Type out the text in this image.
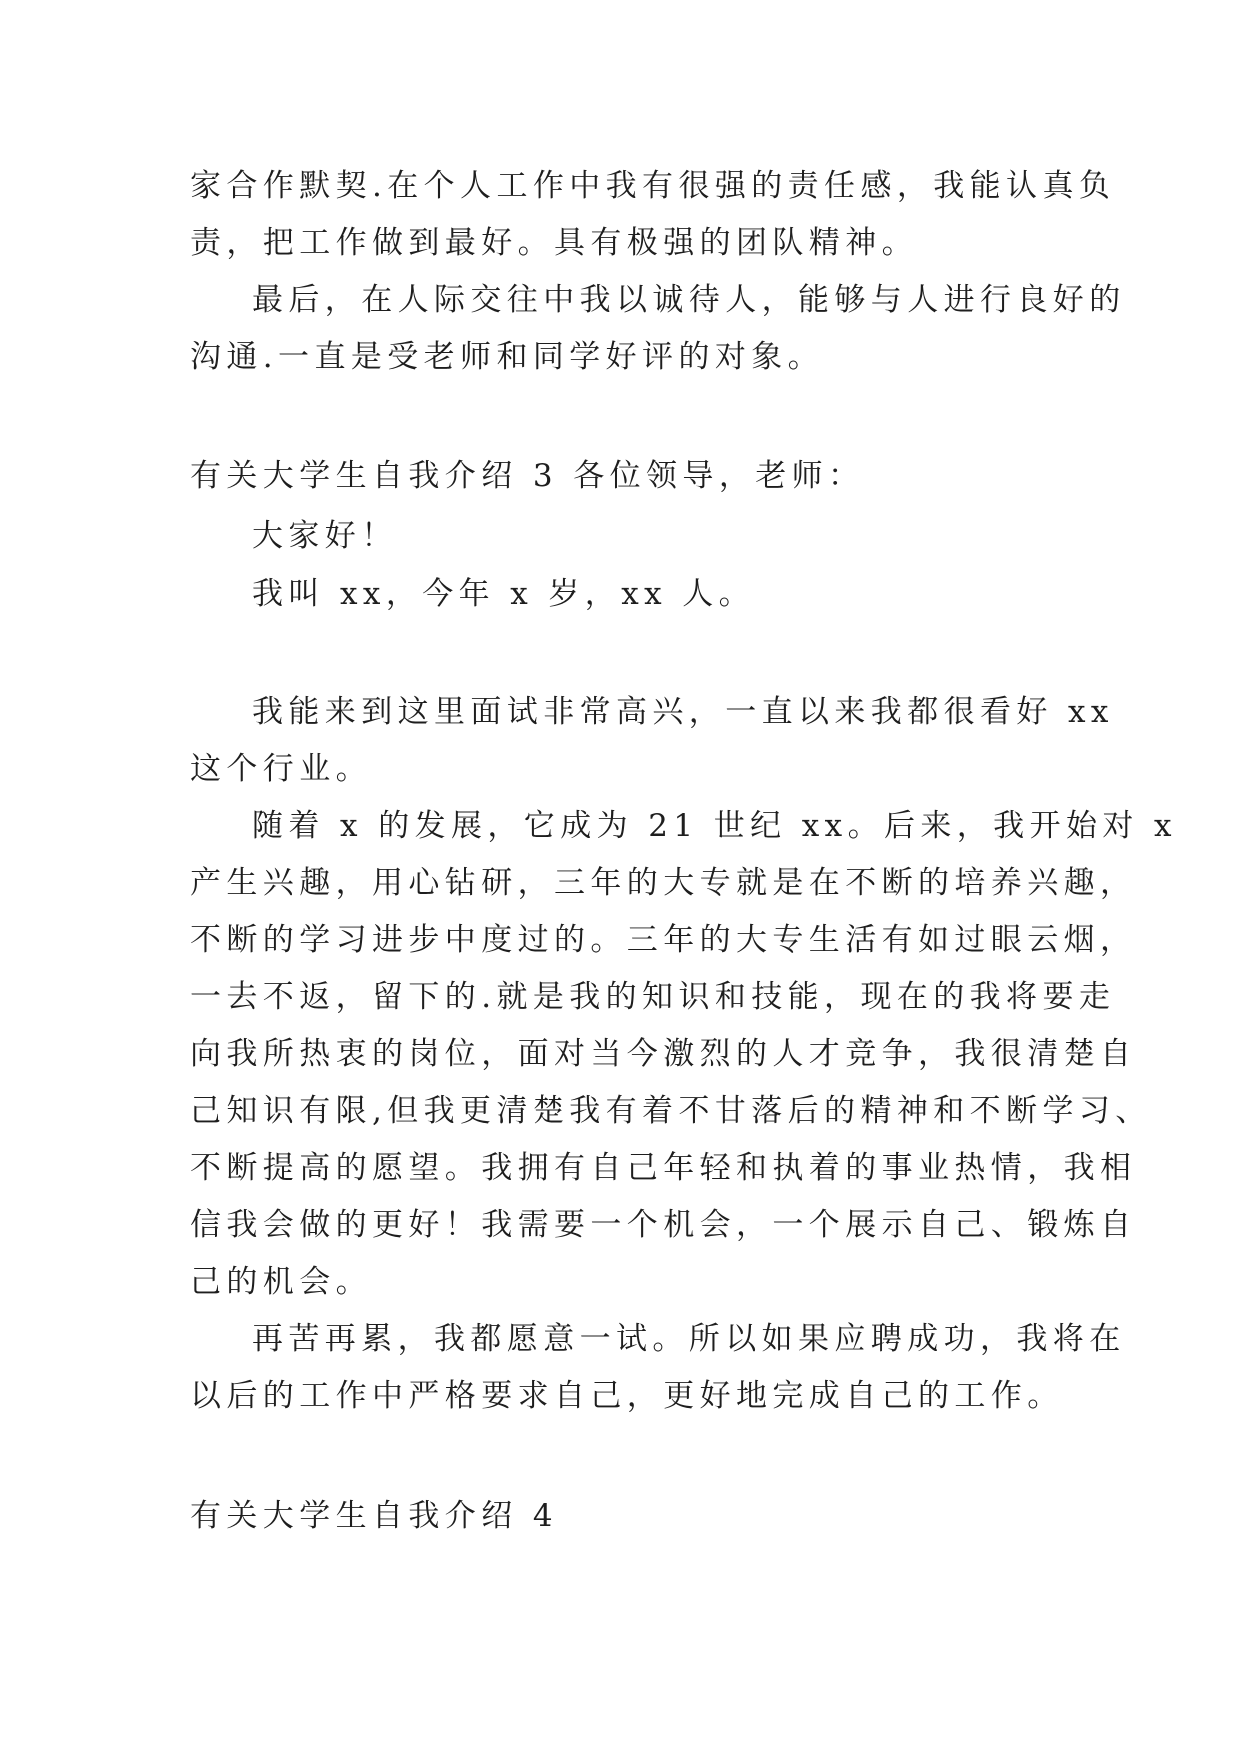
家合作默契.在个人工作中我有很强的责任感，我能认真负
责，把工作做到最好。具有极强的团队精神。
最后，在人际交往中我以诚待人，能够与人进行良好的
沟通.一直是受老师和同学好评的对象。
有关大学生自我介绍 3 各位领导，老师：
大家好！
我叫 xx，今年 x 岁，xx 人。
我能来到这里面试非常高兴，一直以来我都很看好 xx
这个行业。
随着 x 的发展，它成为 21 世纪 xx。后来，我开始对 x
产生兴趣，用心钻研，三年的大专就是在不断的培养兴趣，
不断的学习进步中度过的。三年的大专生活有如过眼云烟，
一去不返，留下的.就是我的知识和技能，现在的我将要走
向我所热衷的岗位，面对当今激烈的人才竞争，我很清楚自
己知识有限,但我更清楚我有着不甘落后的精神和不断学习、
不断提高的愿望。我拥有自己年轻和执着的事业热情，我相
信我会做的更好！我需要一个机会，一个展示自己、锻炼自
己的机会。
再苦再累，我都愿意一试。所以如果应聘成功，我将在
以后的工作中严格要求自己，更好地完成自己的工作。
有关大学生自我介绍 4
